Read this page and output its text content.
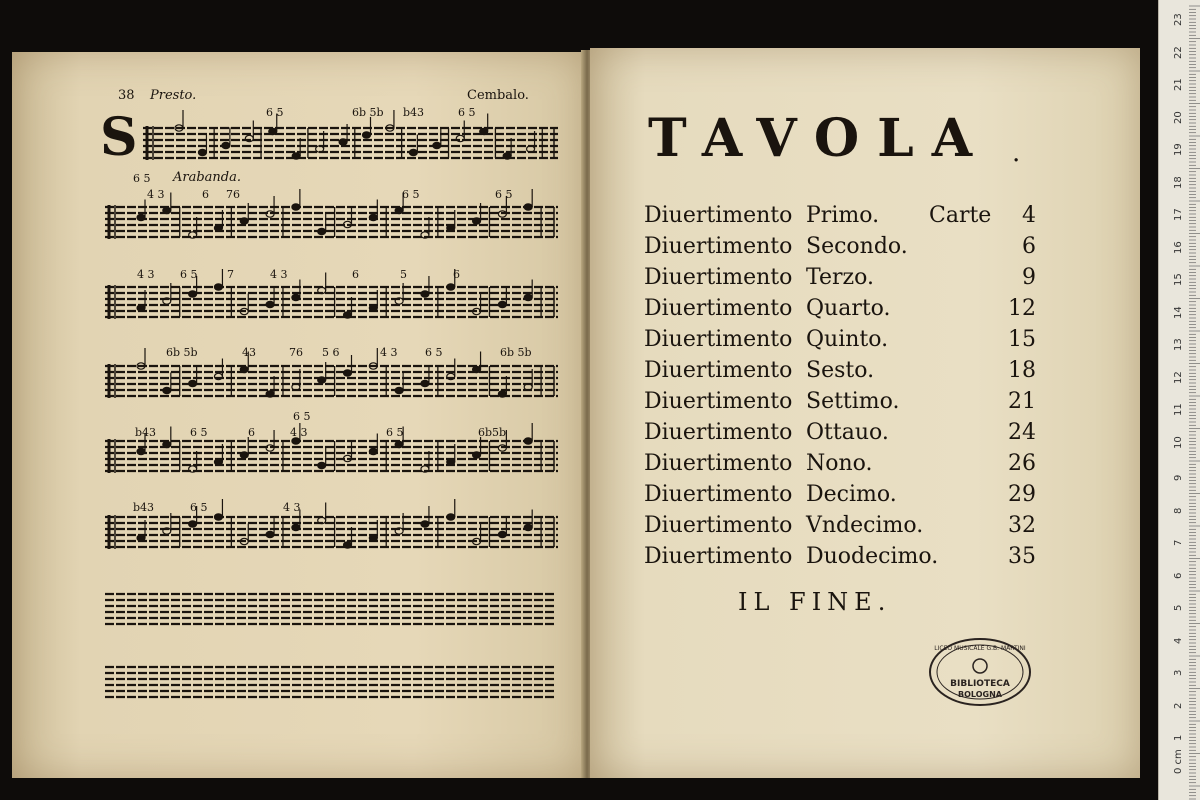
38 Presto.	Cembalo.
S
Arabanda.
6 5	6b 5b b43	6 5
6 5
4 3	6 76	6 5	6 5
4 3 6 5	7	4 3	6	5	6
6b 5b	43	76 5 6	4 3	6 5	6b 5b
6 5
b43	6 5	6	4 3	6 5	6b5b
b43	6 5	4 3
TAVOLA .
Diuertimento Primo. Carte 4
Diuertimento Secondo.	6
Diuertimento Terzo.	9
Diuertimento Quarto.	12
Diuertimento Quinto.	15
Diuertimento Sesto.	18
Diuertimento Settimo.	21
Diuertimento Ottauo.	24
Diuertimento Nono.	26
Diuertimento Decimo.	29
Diuertimento Vndecimo.	32
Diuertimento Duodecimo.	35
IL FINE.
LICEO MUSICALE G.B. MARTINI
BIBLIOTECA
BOLOGNA
23
22
21
20
19
18
17
16
15
14
13
12
11
10
9
8
7
6
5
4
3
2
1
0 cm
